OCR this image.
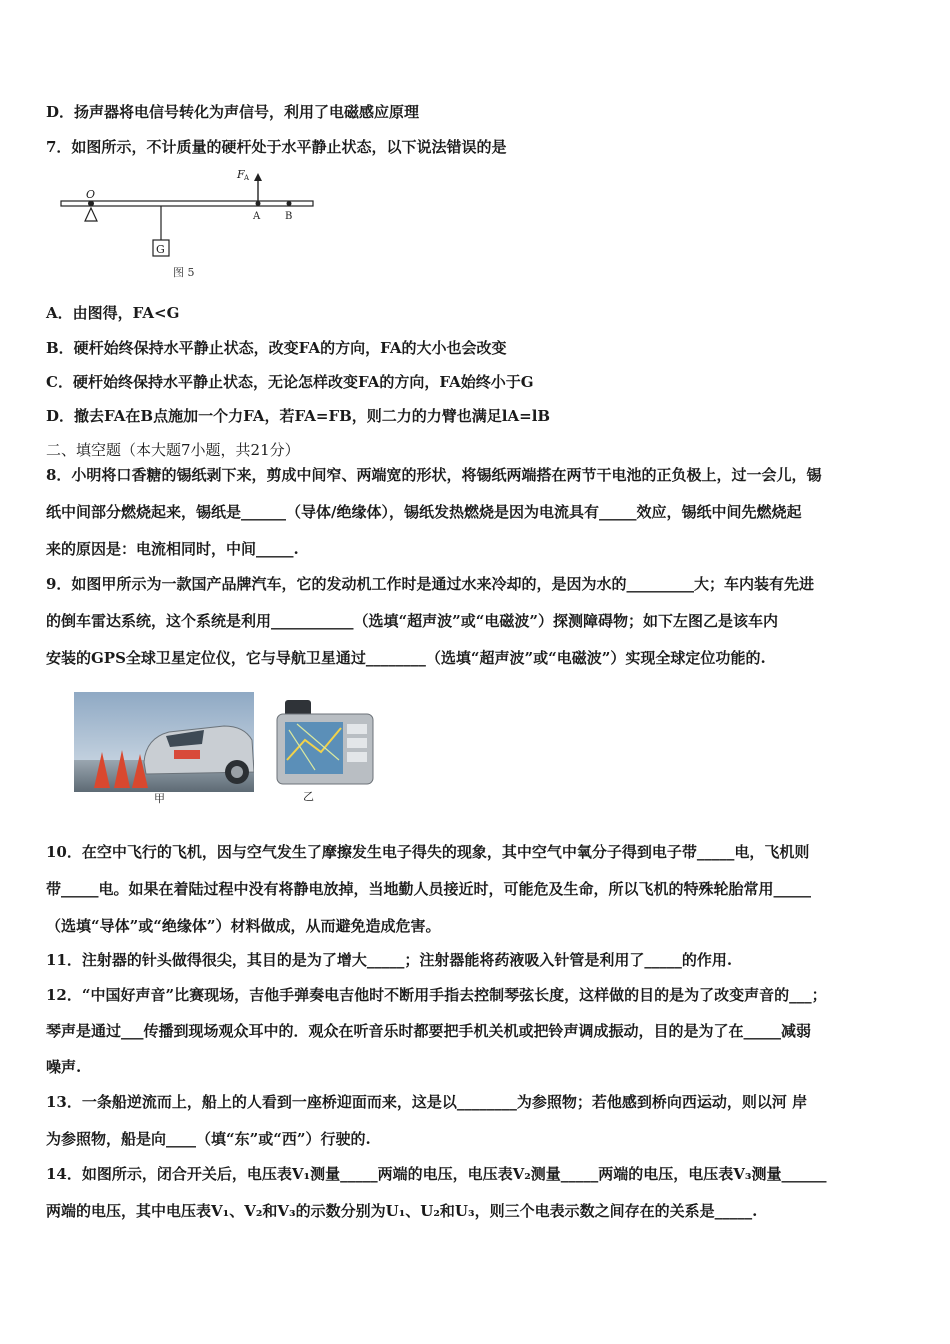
D．扬声器将电信号转化为声信号，利用了电磁感应原理
7．如图所示，不计质量的硬杆处于水平静止状态，以下说法错误的是
O
G
F A
A B
图 5
A．由图得，FA<G
B．硬杆始终保持水平静止状态，改变FA的方向，FA的大小也会改变
C．硬杆始终保持水平静止状态，无论怎样改变FA的方向，FA始终小于G
D．撤去FA在B点施加一个力FA，若FA=FB，则二力的力臂也满足lA=lB
二、填空题（本大题7小题，共21分）
8．小明将口香糖的锡纸剥下来，剪成中间窄、两端宽的形状，将锡纸两端搭在两节干电池的正负极上，过一会儿，锡
纸中间部分燃烧起来，锡纸是______（导体/绝缘体），锡纸发热燃烧是因为电流具有_____效应，锡纸中间先燃烧起
来的原因是：电流相同时，中间_____.
9．如图甲所示为一款国产品牌汽车，它的发动机工作时是通过水来冷却的，是因为水的_________大；车内装有先进
的倒车雷达系统，这个系统是利用___________（选填“超声波”或“电磁波”）探测障碍物；如下左图乙是该车内
安装的GPS全球卫星定位仪，它与导航卫星通过________（选填“超声波”或“电磁波”）实现全球定位功能的.
甲	乙
10．在空中飞行的飞机，因与空气发生了摩擦发生电子得失的现象，其中空气中氧分子得到电子带_____电，飞机则
带_____电。如果在着陆过程中没有将静电放掉，当地勤人员接近时，可能危及生命，所以飞机的特殊轮胎常用_____
（选填“导体”或“绝缘体”）材料做成，从而避免造成危害。
11．注射器的针头做得很尖，其目的是为了增大_____；注射器能将药液吸入针管是利用了_____的作用.
12．“中国好声音”比赛现场，吉他手弹奏电吉他时不断用手指去控制琴弦长度，这样做的目的是为了改变声音的___；
琴声是通过___传播到现场观众耳中的．观众在听音乐时都要把手机关机或把铃声调成振动，目的是为了在_____减弱
噪声.
13．一条船逆流而上，船上的人看到一座桥迎面而来，这是以________为参照物；若他感到桥向西运动，则以河 岸
为参照物，船是向____（填“东”或“西”）行驶的.
14．如图所示，闭合开关后，电压表V₁测量_____两端的电压，电压表V₂测量_____两端的电压，电压表V₃测量______
两端的电压，其中电压表V₁、V₂和V₃的示数分别为U₁、U₂和U₃，则三个电表示数之间存在的关系是_____.
